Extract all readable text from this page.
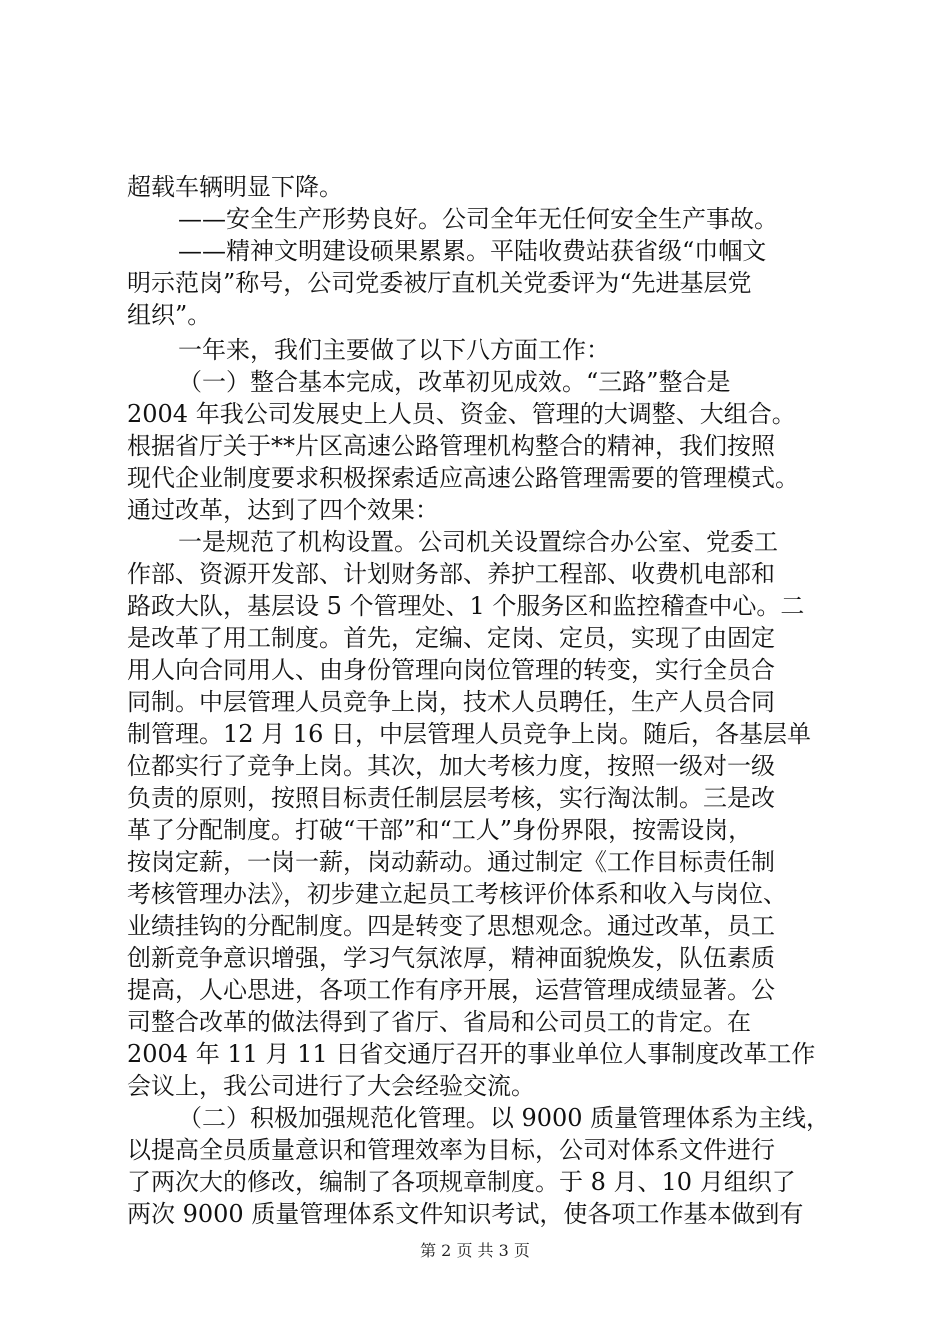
超载车辆明显下降。
——安全生产形势良好。公司全年无任何安全生产事故。
——精神文明建设硕果累累。平陆收费站获省级“巾帼文
明示范岗”称号，公司党委被厅直机关党委评为“先进基层党
组织”。
一年来，我们主要做了以下八方面工作：
（一）整合基本完成，改革初见成效。“三路”整合是
2004 年我公司发展史上人员、资金、管理的大调整、大组合。
根据省厅关于**片区高速公路管理机构整合的精神，我们按照
现代企业制度要求积极探索适应高速公路管理需要的管理模式。
通过改革，达到了四个效果：
一是规范了机构设置。公司机关设置综合办公室、党委工
作部、资源开发部、计划财务部、养护工程部、收费机电部和
路政大队，基层设 5 个管理处、1 个服务区和监控稽查中心。二
是改革了用工制度。首先，定编、定岗、定员，实现了由固定
用人向合同用人、由身份管理向岗位管理的转变，实行全员合
同制。中层管理人员竞争上岗，技术人员聘任，生产人员合同
制管理。12 月 16 日，中层管理人员竞争上岗。随后，各基层单
位都实行了竞争上岗。其次，加大考核力度，按照一级对一级
负责的原则，按照目标责任制层层考核，实行淘汰制。三是改
革了分配制度。打破“干部”和“工人”身份界限，按需设岗，
按岗定薪，一岗一薪，岗动薪动。通过制定《工作目标责任制
考核管理办法》，初步建立起员工考核评价体系和收入与岗位、
业绩挂钩的分配制度。四是转变了思想观念。通过改革，员工
创新竞争意识增强，学习气氛浓厚，精神面貌焕发，队伍素质
提高，人心思进，各项工作有序开展，运营管理成绩显著。公
司整合改革的做法得到了省厅、省局和公司员工的肯定。在
2004 年 11 月 11 日省交通厅召开的事业单位人事制度改革工作
会议上，我公司进行了大会经验交流。
（二）积极加强规范化管理。以 9000 质量管理体系为主线，
以提高全员质量意识和管理效率为目标，公司对体系文件进行
了两次大的修改，编制了各项规章制度。于 8 月、10 月组织了
两次 9000 质量管理体系文件知识考试，使各项工作基本做到有
第 2 页 共 3 页
